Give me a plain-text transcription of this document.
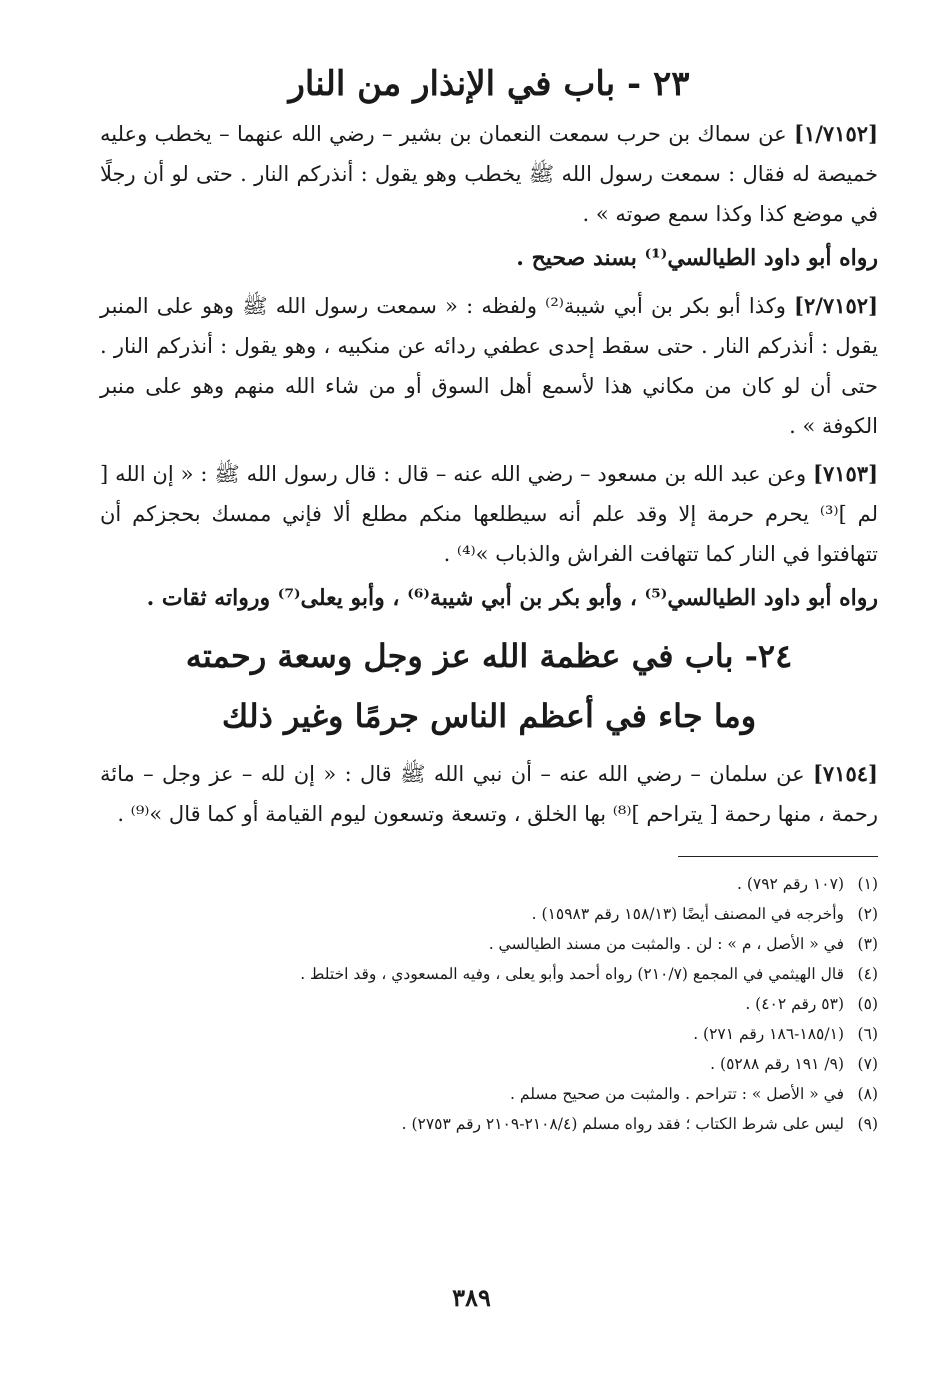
٢٣ - باب في الإنذار من النار

[١/٧١٥٢] عن سماك بن حرب سمعت النعمان بن بشير – رضي الله عنهما – يخطب وعليه خميصة له فقال : سمعت رسول الله ﷺ يخطب وهو يقول : أنذركم النار . حتى لو أن رجلًا في موضع كذا وكذا سمع صوته » .

رواه أبو داود الطيالسي⁽¹⁾ بسند صحيح .

[٢/٧١٥٢] وكذا أبو بكر بن أبي شيبة⁽²⁾ ولفظه : « سمعت رسول الله ﷺ وهو على المنبر يقول : أنذركم النار . حتى سقط إحدى عطفي ردائه عن منكبيه ، وهو يقول : أنذركم النار . حتى أن لو كان من مكاني هذا لأسمع أهل السوق أو من شاء الله منهم وهو على منبر الكوفة » .

[٧١٥٣] وعن عبد الله بن مسعود – رضي الله عنه – قال : قال رسول الله ﷺ : « إن الله [ لم ]⁽³⁾ يحرم حرمة إلا وقد علم أنه سيطلعها منكم مطلع ألا فإني ممسك بحجزكم أن تتهافتوا في النار كما تتهافت الفراش والذباب »⁽⁴⁾ .

رواه أبو داود الطيالسي⁽⁵⁾ ، وأبو بكر بن أبي شيبة⁽⁶⁾ ، وأبو يعلى⁽⁷⁾ ورواته ثقات .

٢٤- باب في عظمة الله عز وجل وسعة رحمته
وما جاء في أعظم الناس جرمًا وغير ذلك

[٧١٥٤] عن سلمان – رضي الله عنه – أن نبي الله ﷺ قال : « إن لله – عز وجل – مائة رحمة ، منها رحمة [ يتراحم ]⁽⁸⁾ بها الخلق ، وتسعة وتسعون ليوم القيامة أو كما قال »⁽⁹⁾ .

(١)(١٠٧ رقم ٧٩٢) .
(٢)وأخرجه في المصنف أيضًا (١٥٨/١٣ رقم ١٥٩٨٣) .
(٣)في « الأصل ، م » : لن . والمثبت من مسند الطيالسي .
(٤)قال الهيثمي في المجمع (٢١٠/٧) رواه أحمد وأبو يعلى ، وفيه المسعودي ، وقد اختلط .
(٥)(٥٣ رقم ٤٠٢) .
(٦)(١٨٥/١-١٨٦ رقم ٢٧١) .
(٧)(٩/ ١٩١ رقم ٥٢٨٨) .
(٨)في « الأصل » : تتراحم . والمثبت من صحيح مسلم .
(٩)ليس على شرط الكتاب ؛ فقد رواه مسلم (٢١٠٨/٤-٢١٠٩ رقم ٢٧٥٣) .
٣٨٩
